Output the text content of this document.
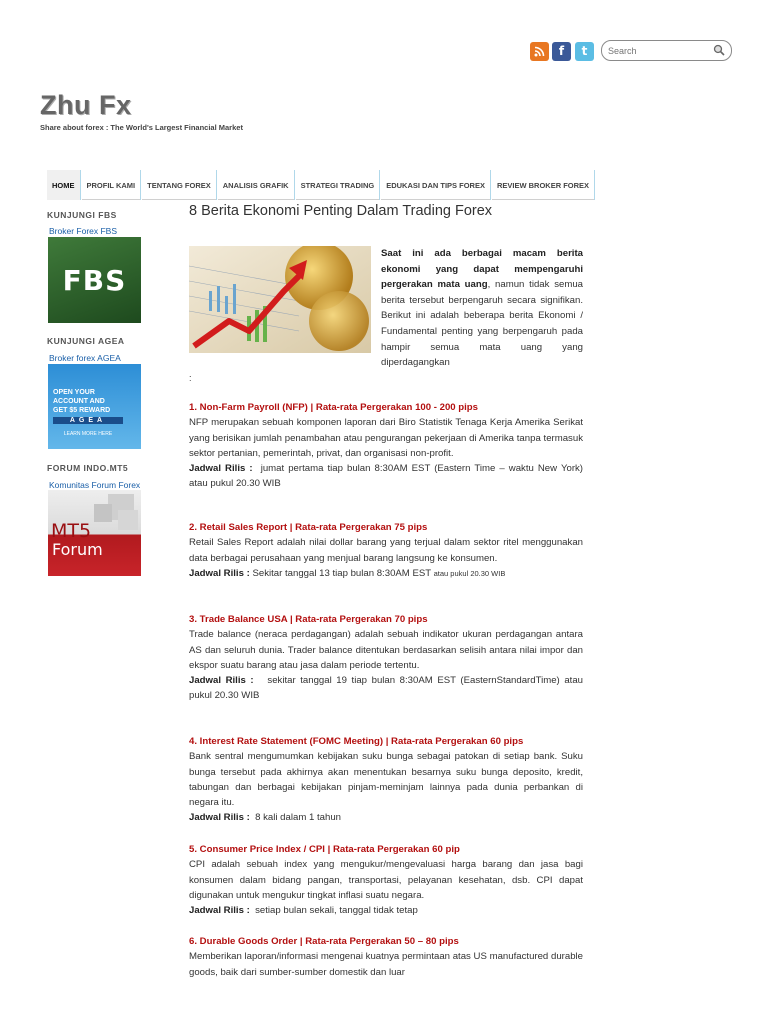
f	t
Search
Zhu Fx
Share about forex : The World's Largest Financial Market
HOME	PROFIL KAMI	TENTANG FOREX	ANALISIS GRAFIK	STRATEGI TRADING	EDUKASI DAN TIPS FOREX	REVIEW BROKER FOREX
KUNJUNGI FBS
Broker Forex FBS
FBS
KUNJUNGI AGEA
Broker forex AGEA
OPEN YOUR
ACCOUNT AND
GET $5 REWARD
AGEA
LEARN MORE HERE
FORUM INDO.MT5
Komunitas Forum Forex
MT5
Forum
8 Berita Ekonomi Penting Dalam Trading Forex
Saat ini ada berbagai macam berita ekonomi yang dapat mempengaruhi pergerakan mata uang, namun tidak semua berita tersebut berpengaruh secara signifikan. Berikut ini adalah beberapa berita Ekonomi / Fundamental penting yang berpengaruh pada hampir semua mata uang yang diperdagangkan
:
1. Non-Farm Payroll (NFP) | Rata-rata Pergerakan 100 - 200 pips

NFP merupakan sebuah komponen laporan dari Biro Statistik Tenaga Kerja Amerika Serikat yang berisikan jumlah penambahan atau pengurangan pekerjaan di Amerika tanpa termasuk sektor pertanian, pemerintah, privat, dan organisasi non-profit.

Jadwal Rilis : jumat pertama tiap bulan 8:30AM EST (Eastern Time – waktu New York) atau pukul 20.30 WIB

2. Retail Sales Report | Rata-rata Pergerakan 75 pips

Retail Sales Report adalah nilai dollar barang yang terjual dalam sektor ritel menggunakan data berbagai perusahaan yang menjual barang langsung ke konsumen.

Jadwal Rilis : Sekitar tanggal 13 tiap bulan 8:30AM EST atau pukul 20.30 WIB

3. Trade Balance USA | Rata-rata Pergerakan 70 pips

Trade balance (neraca perdagangan) adalah sebuah indikator ukuran perdagangan antara AS dan seluruh dunia. Trader balance ditentukan berdasarkan selisih antara nilai impor dan ekspor suatu barang atau jasa dalam periode tertentu.

Jadwal Rilis : sekitar tanggal 19 tiap bulan 8:30AM EST (EasternStandardTime) atau pukul 20.30 WIB

4. Interest Rate Statement (FOMC Meeting) | Rata-rata Pergerakan 60 pips

Bank sentral mengumumkan kebijakan suku bunga sebagai patokan di setiap bank. Suku bunga tersebut pada akhirnya akan menentukan besarnya suku bunga deposito, kredit, tabungan dan berbagai kebijakan pinjam-meminjam lainnya pada dunia perbankan di negara itu.

Jadwal Rilis : 8 kali dalam 1 tahun

5. Consumer Price Index / CPI | Rata-rata Pergerakan 60 pip

CPI adalah sebuah index yang mengukur/mengevaluasi harga barang dan jasa bagi konsumen dalam bidang pangan, transportasi, pelayanan kesehatan, dsb. CPI dapat digunakan untuk mengukur tingkat inflasi suatu negara.

Jadwal Rilis : setiap bulan sekali, tanggal tidak tetap

6. Durable Goods Order | Rata-rata Pergerakan 50 – 80 pips

Memberikan laporan/informasi mengenai kuatnya permintaan atas US manufactured durable goods, baik dari sumber-sumber domestik dan luar
